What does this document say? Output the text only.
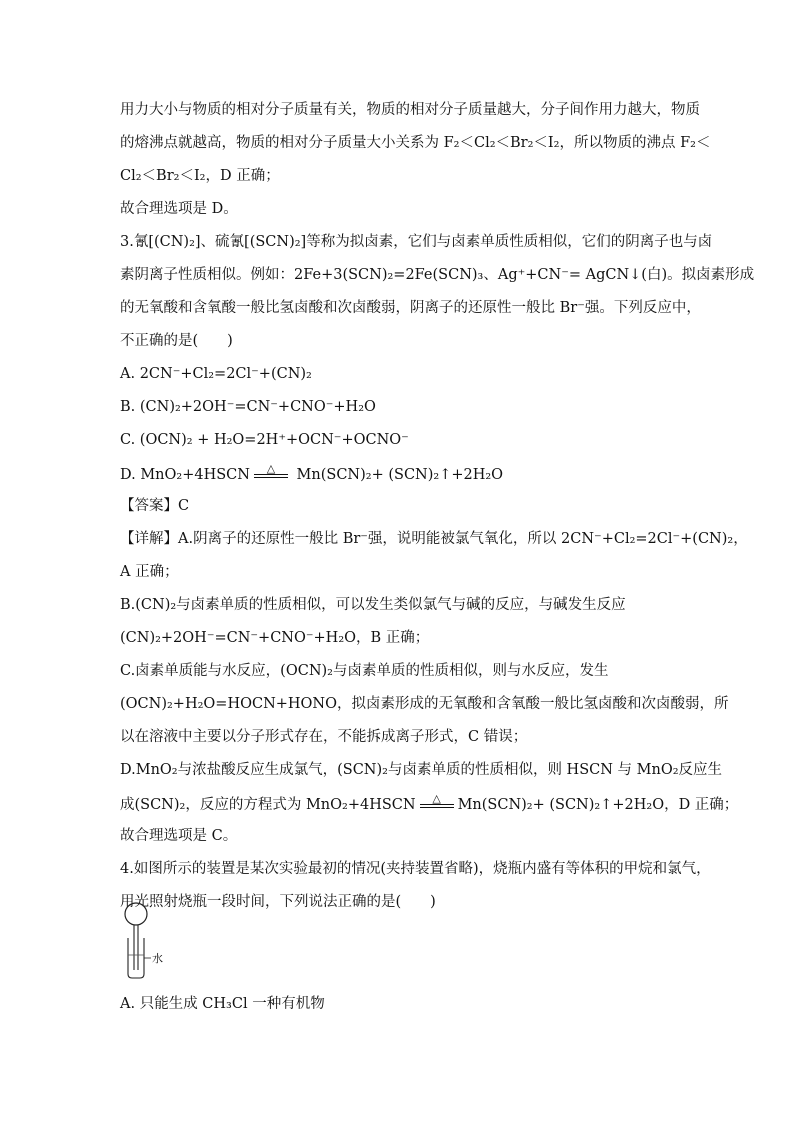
用力大小与物质的相对分子质量有关，物质的相对分子质量越大，分子间作用力越大，物质
的熔沸点就越高，物质的相对分子质量大小关系为 F₂＜Cl₂＜Br₂＜I₂，所以物质的沸点 F₂＜
Cl₂＜Br₂＜I₂，D 正确；
故合理选项是 D。
3.氰[(CN)₂]、硫氰[(SCN)₂]等称为拟卤素，它们与卤素单质性质相似，它们的阴离子也与卤
素阴离子性质相似。例如：2Fe+3(SCN)₂=2Fe(SCN)₃、Ag⁺+CN⁻= AgCN↓(白)。拟卤素形成
的无氧酸和含氧酸一般比氢卤酸和次卤酸弱，阴离子的还原性一般比 Br⁻强。下列反应中，
不正确的是(　　)
A. 2CN⁻+Cl₂=2Cl⁻+(CN)₂
B. (CN)₂+2OH⁻=CN⁻+CNO⁻+H₂O
C. (OCN)₂ + H₂O=2H⁺+OCN⁻+OCNO⁻
D. MnO₂+4HSCN	△	Mn(SCN)₂+ (SCN)₂↑+2H₂O
【答案】C
【详解】A.阴离子的还原性一般比 Br⁻强，说明能被氯气氧化，所以 2CN⁻+Cl₂=2Cl⁻+(CN)₂，
A 正确；
B.(CN)₂与卤素单质的性质相似，可以发生类似氯气与碱的反应，与碱发生反应
(CN)₂+2OH⁻=CN⁻+CNO⁻+H₂O，B 正确；
C.卤素单质能与水反应，(OCN)₂与卤素单质的性质相似，则与水反应，发生
(OCN)₂+H₂O=HOCN+HONO，拟卤素形成的无氧酸和含氧酸一般比氢卤酸和次卤酸弱，所
以在溶液中主要以分子形式存在，不能拆成离子形式，C 错误；
D.MnO₂与浓盐酸反应生成氯气，(SCN)₂与卤素单质的性质相似，则 HSCN 与 MnO₂反应生
成(SCN)₂，反应的方程式为 MnO₂+4HSCN	△	Mn(SCN)₂+ (SCN)₂↑+2H₂O，D 正确；
故合理选项是 C。
4.如图所示的装置是某次实验最初的情况(夹持装置省略)，烧瓶内盛有等体积的甲烷和氯气，
用光照射烧瓶一段时间，下列说法正确的是(　　)
水
A. 只能生成 CH₃Cl 一种有机物
